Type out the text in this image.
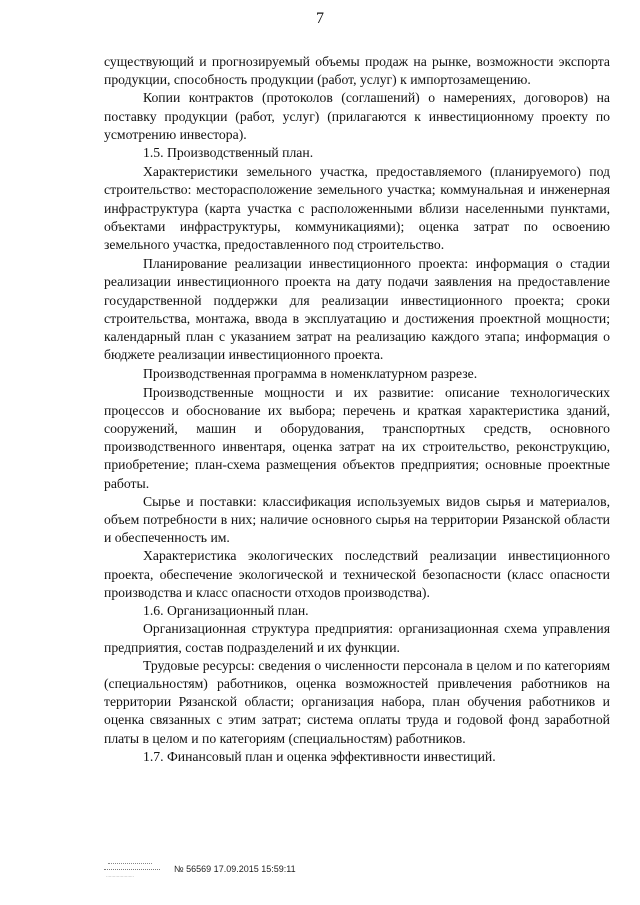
7

существующий и прогнозируемый объемы продаж на рынке, возможности экспорта продукции, способность продукции (работ, услуг) к импортозамещению.

Копии контрактов (протоколов (соглашений) о намерениях, договоров) на поставку продукции (работ, услуг) (прилагаются к инвестиционному проекту по усмотрению инвестора).

1.5. Производственный план.

Характеристики земельного участка, предоставляемого (планируемого) под строительство: месторасположение земельного участка; коммунальная и инженерная инфраструктура (карта участка с расположенными вблизи населенными пунктами, объектами инфраструктуры, коммуникациями); оценка затрат по освоению земельного участка, предоставленного под строительство.

Планирование реализации инвестиционного проекта: информация о стадии реализации инвестиционного проекта на дату подачи заявления на предоставление государственной поддержки для реализации инвестиционного проекта; сроки строительства, монтажа, ввода в эксплуатацию и достижения проектной мощности; календарный план с указанием затрат на реализацию каждого этапа; информация о бюджете реализации инвестиционного проекта.

Производственная программа в номенклатурном разрезе.

Производственные мощности и их развитие: описание технологических процессов и обоснование их выбора; перечень и краткая характеристика зданий, сооружений, машин и оборудования, транспортных средств, основного производственного инвентаря, оценка затрат на их строительство, реконструкцию, приобретение; план-схема размещения объектов предприятия; основные проектные работы.

Сырье и поставки: классификация используемых видов сырья и материалов, объем потребности в них; наличие основного сырья на территории Рязанской области и обеспеченность им.

Характеристика экологических последствий реализации инвестиционного проекта, обеспечение экологической и технической безопасности (класс опасности производства и класс опасности отходов производства).

1.6. Организационный план.

Организационная структура предприятия: организационная схема управления предприятия, состав подразделений и их функции.

Трудовые ресурсы: сведения о численности персонала в целом и по категориям (специальностям) работников, оценка возможностей привлечения работников на территории Рязанской области; организация набора, план обучения работников и оценка связанных с этим затрат; система оплаты труда и годовой фонд заработной платы в целом и по категориям (специальностям) работников.

1.7. Финансовый план и оценка эффективности инвестиций.

·····················
№ 56569 17.09.2015 15:59:11
